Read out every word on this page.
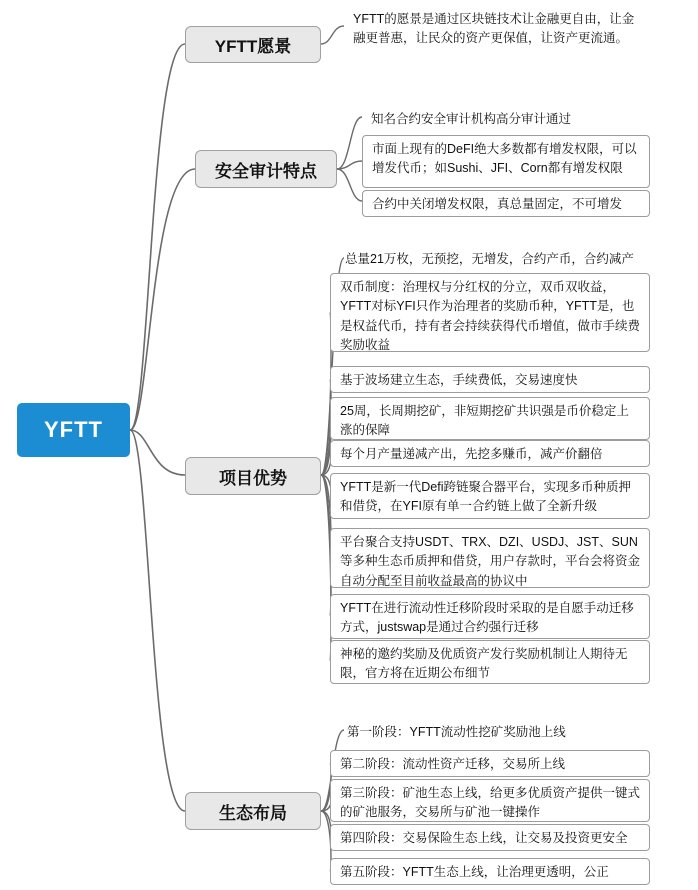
YFTT
YFTT愿景
YFTT的愿景是通过区块链技术让金融更自由，让金融更普惠，让民众的资产更保值，让资产更流通。
安全审计特点
知名合约安全审计机构高分审计通过
市面上现有的DeFI绝大多数都有增发权限，可以增发代币；如Sushi、JFI、Corn都有增发权限
合约中关闭增发权限，真总量固定，不可增发
项目优势
总量21万枚，无预挖，无增发，合约产币，合约减产
双币制度：治理权与分红权的分立，双币双收益，YFTT对标YFI只作为治理者的奖励币种，YFTT是，也是权益代币，持有者会持续获得代币增值，做市手续费奖励收益
基于波场建立生态，手续费低，交易速度快
25周，长周期挖矿，非短期挖矿共识强是币价稳定上涨的保障
每个月产量递减产出，先挖多赚币，减产价翻倍
YFTT是新一代Defi跨链聚合器平台，实现多币种质押和借贷，在YFI原有单一合约链上做了全新升级
平台聚合支持USDT、TRX、DZI、USDJ、JST、SUN等多种生态币质押和借贷，用户存款时，平台会将资金自动分配至目前收益最高的协议中
YFTT在进行流动性迁移阶段时采取的是自愿手动迁移方式，justswap是通过合约强行迁移
神秘的邀约奖励及优质资产发行奖励机制让人期待无限，官方将在近期公布细节
生态布局
第一阶段：YFTT流动性挖矿奖励池上线
第二阶段：流动性资产迁移，交易所上线
第三阶段：矿池生态上线，给更多优质资产提供一键式的矿池服务，交易所与矿池一键操作
第四阶段：交易保险生态上线，让交易及投资更安全
第五阶段：YFTT生态上线，让治理更透明，公正
